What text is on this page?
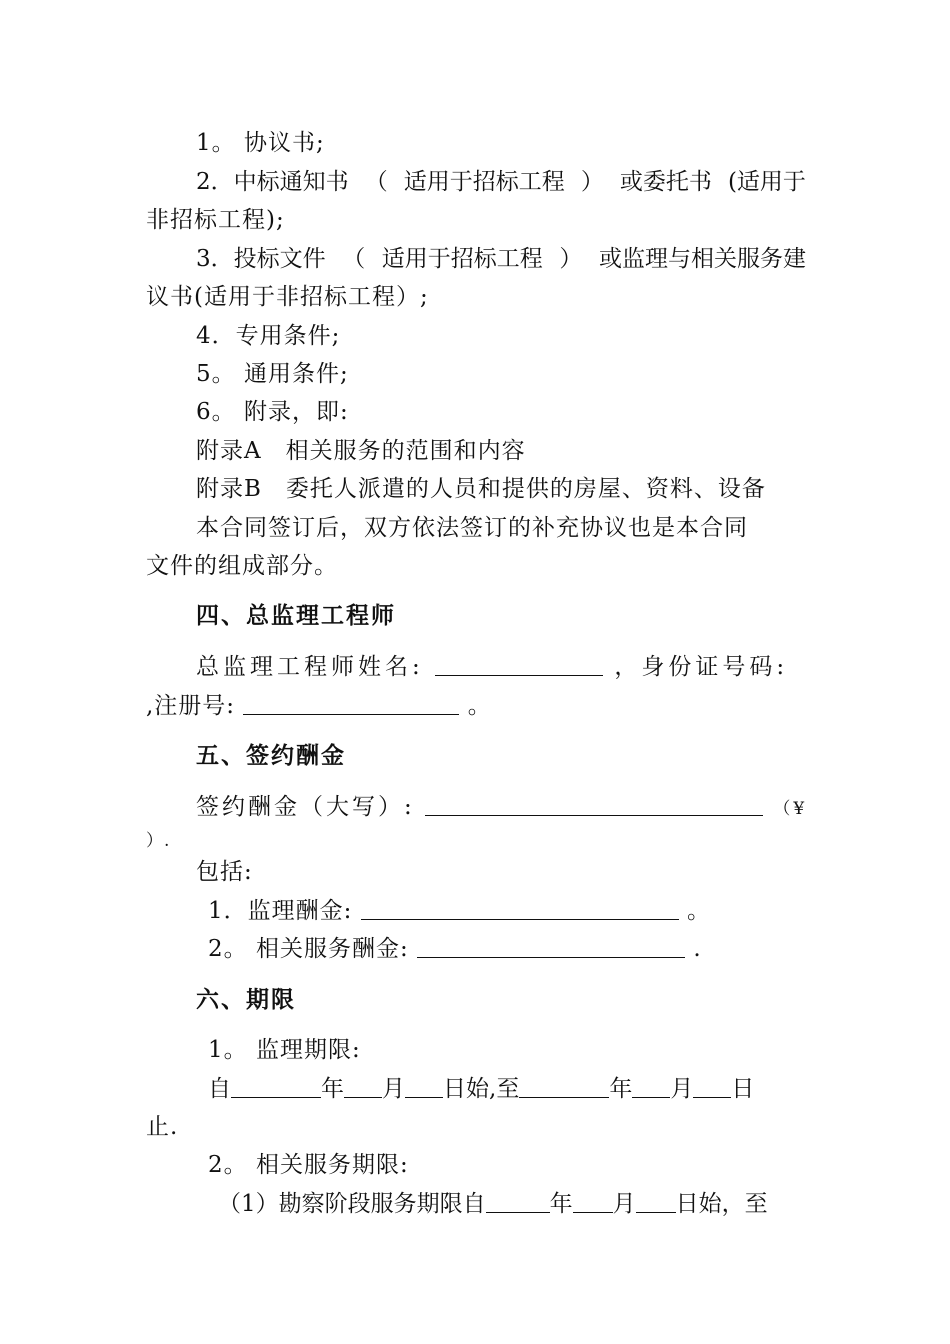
1。 协议书;
2．中标通知书 （ 适用于招标工程 ） 或委托书 (适用于
非招标工程);
3．投标文件 （ 适用于招标工程 ） 或监理与相关服务建
议书(适用于非招标工程）;
4．专用条件;
5。 通用条件;
6。 附录，即:
附录A　相关服务的范围和内容
附录B　委托人派遣的人员和提供的房屋、资料、设备
本合同签订后，双方依法签订的补充协议也是本合同
文件的组成部分。
四、总监理工程师
总监理工程师姓名:	，身份证号码:
,注册号:	。
五、签约酬金
签约酬金（大写）:	（¥
）.
包括:
1．监理酬金:	。
2。 相关服务酬金:	.
六、期限
1。 监理期限:
自	年 月 日始,至	年 月 日
止.
2。 相关服务期限:
（1）勘察阶段服务期限自	年 月 日始，至
